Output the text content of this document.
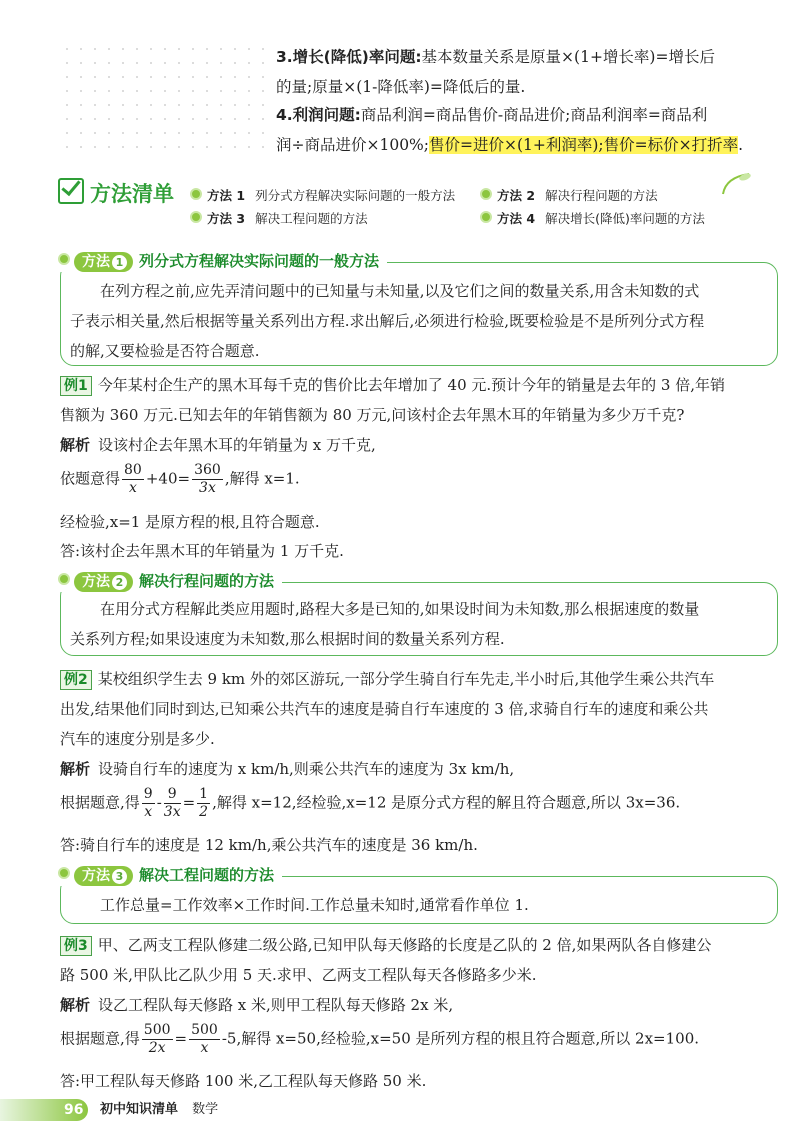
3.增长(降低)率问题:基本数量关系是原量×(1+增长率)=增长后
的量;原量×(1-降低率)=降低后的量.
4.利润问题:商品利润=商品售价-商品进价;商品利润率=商品利
润÷商品进价×100%;售价=进价×(1+利润率);售价=标价×打折率.
方法清单	方法 1 列分式方程解决实际问题的一般方法	方法 2 解决行程问题的方法
方法 3 解决工程问题的方法	方法 4 解决增长(降低)率问题的方法
方法 1 列分式方程解决实际问题的一般方法
在列方程之前,应先弄清问题中的已知量与未知量,以及它们之间的数量关系,用含未知数的式
子表示相关量,然后根据等量关系列出方程.求出解后,必须进行检验,既要检验是不是所列分式方程
的解,又要检验是否符合题意.
例1 今年某村企生产的黑木耳每千克的售价比去年增加了 40 元.预计今年的销量是去年的 3 倍,年销
售额为 360 万元.已知去年的年销售额为 80 万元,问该村企去年黑木耳的年销量为多少万千克?
解析 设该村企去年黑木耳的年销量为 x 万千克,
依题意得 $\frac{80}{x} +40= \frac{360}{3x}$ ,解得 x=1.
经检验,x=1 是原方程的根,且符合题意.
答:该村企去年黑木耳的年销量为 1 万千克.
方法 2 解决行程问题的方法
在用分式方程解此类应用题时,路程大多是已知的,如果设时间为未知数,那么根据速度的数量
关系列方程;如果设速度为未知数,那么根据时间的数量关系列方程.
例2 某校组织学生去 9 km 外的郊区游玩,一部分学生骑自行车先走,半小时后,其他学生乘公共汽车
出发,结果他们同时到达,已知乘公共汽车的速度是骑自行车速度的 3 倍,求骑自行车的速度和乘公共
汽车的速度分别是多少.
解析 设骑自行车的速度为 x km/h,则乘公共汽车的速度为 3x km/h,
根据题意,得 $\frac{9}{x} - \frac{9}{3x} = \frac{1}{2}$ ,解得 x=12,经检验,x=12 是原分式方程的解且符合题意,所以 3x=36.
答:骑自行车的速度是 12 km/h,乘公共汽车的速度是 36 km/h.
方法 3 解决工程问题的方法
工作总量=工作效率×工作时间.工作总量未知时,通常看作单位 1.
例3 甲、乙两支工程队修建二级公路,已知甲队每天修路的长度是乙队的 2 倍,如果两队各自修建公
路 500 米,甲队比乙队少用 5 天.求甲、乙两支工程队每天各修路多少米.
解析 设乙工程队每天修路 x 米,则甲工程队每天修路 2x 米,
根据题意,得 $\frac{500}{2x} = \frac{500}{x} -5$,解得 x=50,经检验,x=50 是所列方程的根且符合题意,所以 2x=100.
答:甲工程队每天修路 100 米,乙工程队每天修路 50 米.
96 初中知识清单 数学
